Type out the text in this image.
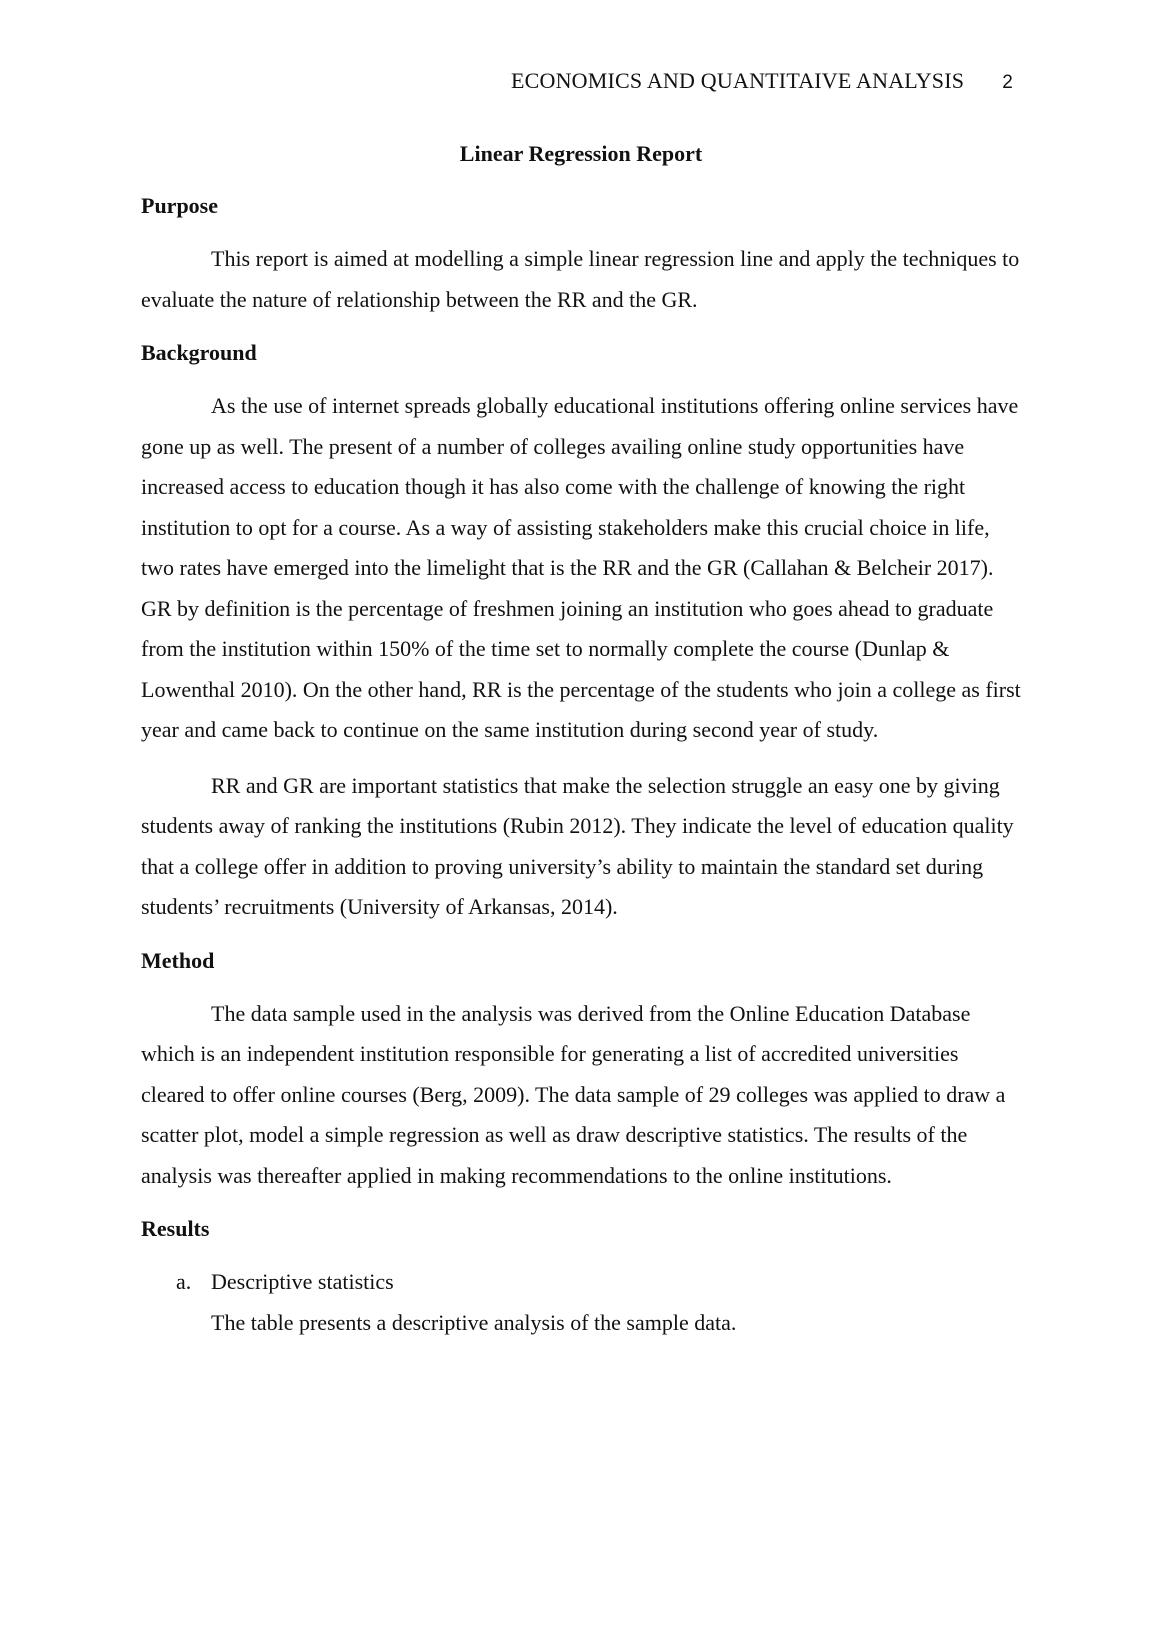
ECONOMICS AND QUANTITAIVE ANALYSIS 2
Linear Regression Report
Purpose

This report is aimed at modelling a simple linear regression line and apply the techniques to evaluate the nature of relationship between the RR and the GR.

Background

As the use of internet spreads globally educational institutions offering online services have gone up as well. The present of a number of colleges availing online study opportunities have increased access to education though it has also come with the challenge of knowing the right institution to opt for a course. As a way of assisting stakeholders make this crucial choice in life, two rates have emerged into the limelight that is the RR and the GR (Callahan & Belcheir 2017). GR by definition is the percentage of freshmen joining an institution who goes ahead to graduate from the institution within 150% of the time set to normally complete the course (Dunlap & Lowenthal 2010). On the other hand, RR is the percentage of the students who join a college as first year and came back to continue on the same institution during second year of study.

RR and GR are important statistics that make the selection struggle an easy one by giving students away of ranking the institutions (Rubin 2012). They indicate the level of education quality that a college offer in addition to proving university’s ability to maintain the standard set during students’ recruitments (University of Arkansas, 2014).

Method

The data sample used in the analysis was derived from the Online Education Database which is an independent institution responsible for generating a list of accredited universities cleared to offer online courses (Berg, 2009). The data sample of 29 colleges was applied to draw a scatter plot, model a simple regression as well as draw descriptive statistics. The results of the analysis was thereafter applied in making recommendations to the online institutions.

Results
a. Descriptive statistics
The table presents a descriptive analysis of the sample data.
